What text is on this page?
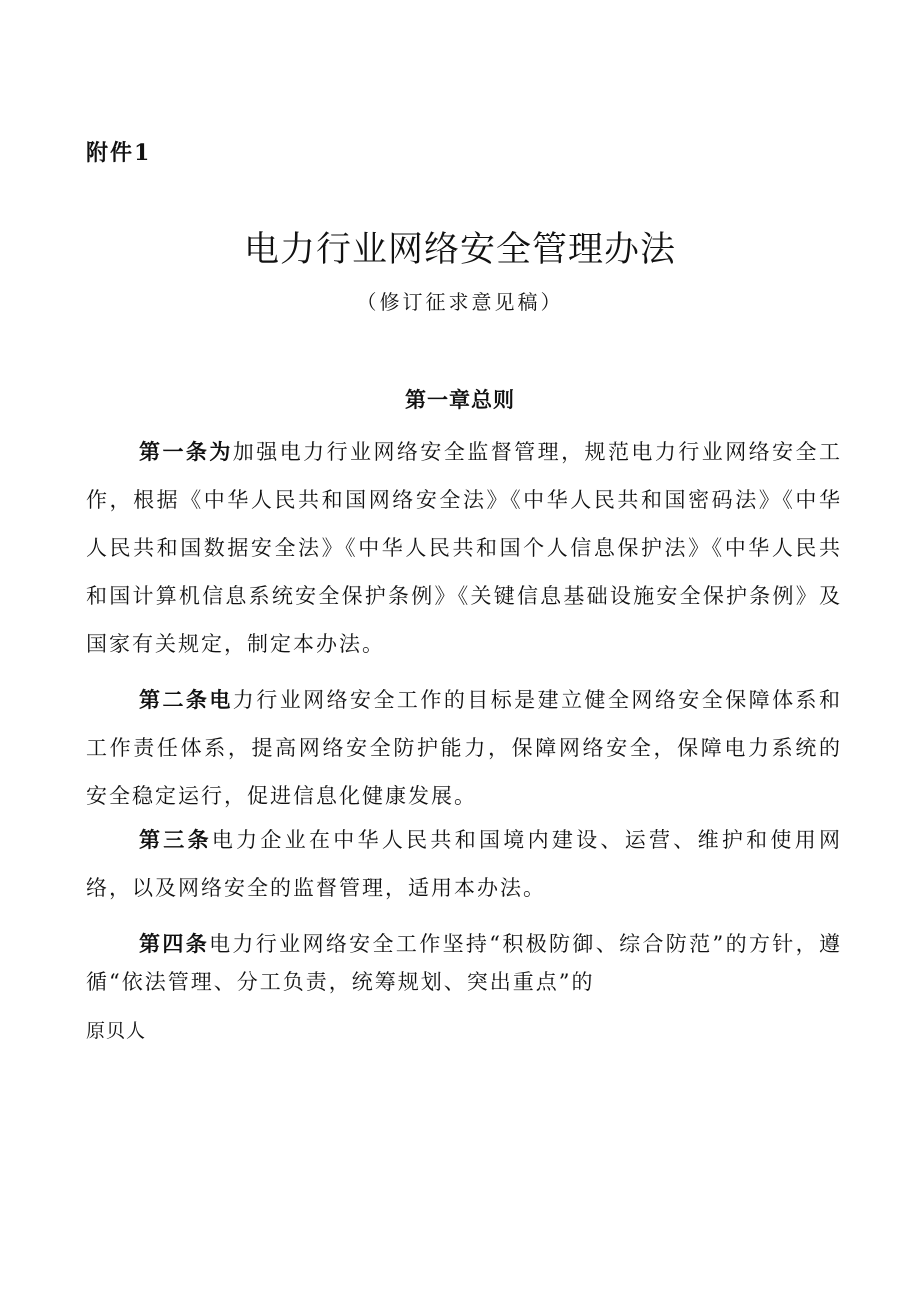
附件1
电力行业网络安全管理办法
（修订征求意见稿）
第一章总则

第一条为加强电力行业网络安全监督管理，规范电力行业网络安全工作，根据《中华人民共和国网络安全法》《中华人民共和国密码法》《中华人民共和国数据安全法》《中华人民共和国个人信息保护法》《中华人民共和国计算机信息系统安全保护条例》《关键信息基础设施安全保护条例》及国家有关规定，制定本办法。

第二条电力行业网络安全工作的目标是建立健全网络安全保障体系和工作责任体系，提高网络安全防护能力，保障网络安全，保障电力系统的安全稳定运行，促进信息化健康发展。

第三条电力企业在中华人民共和国境内建设、运营、维护和使用网络，以及网络安全的监督管理，适用本办法。

第四条电力行业网络安全工作坚持“积极防御、综合防范”的方针，遵循“依法管理、分工负责，统筹规划、突出重点”的

原贝人
